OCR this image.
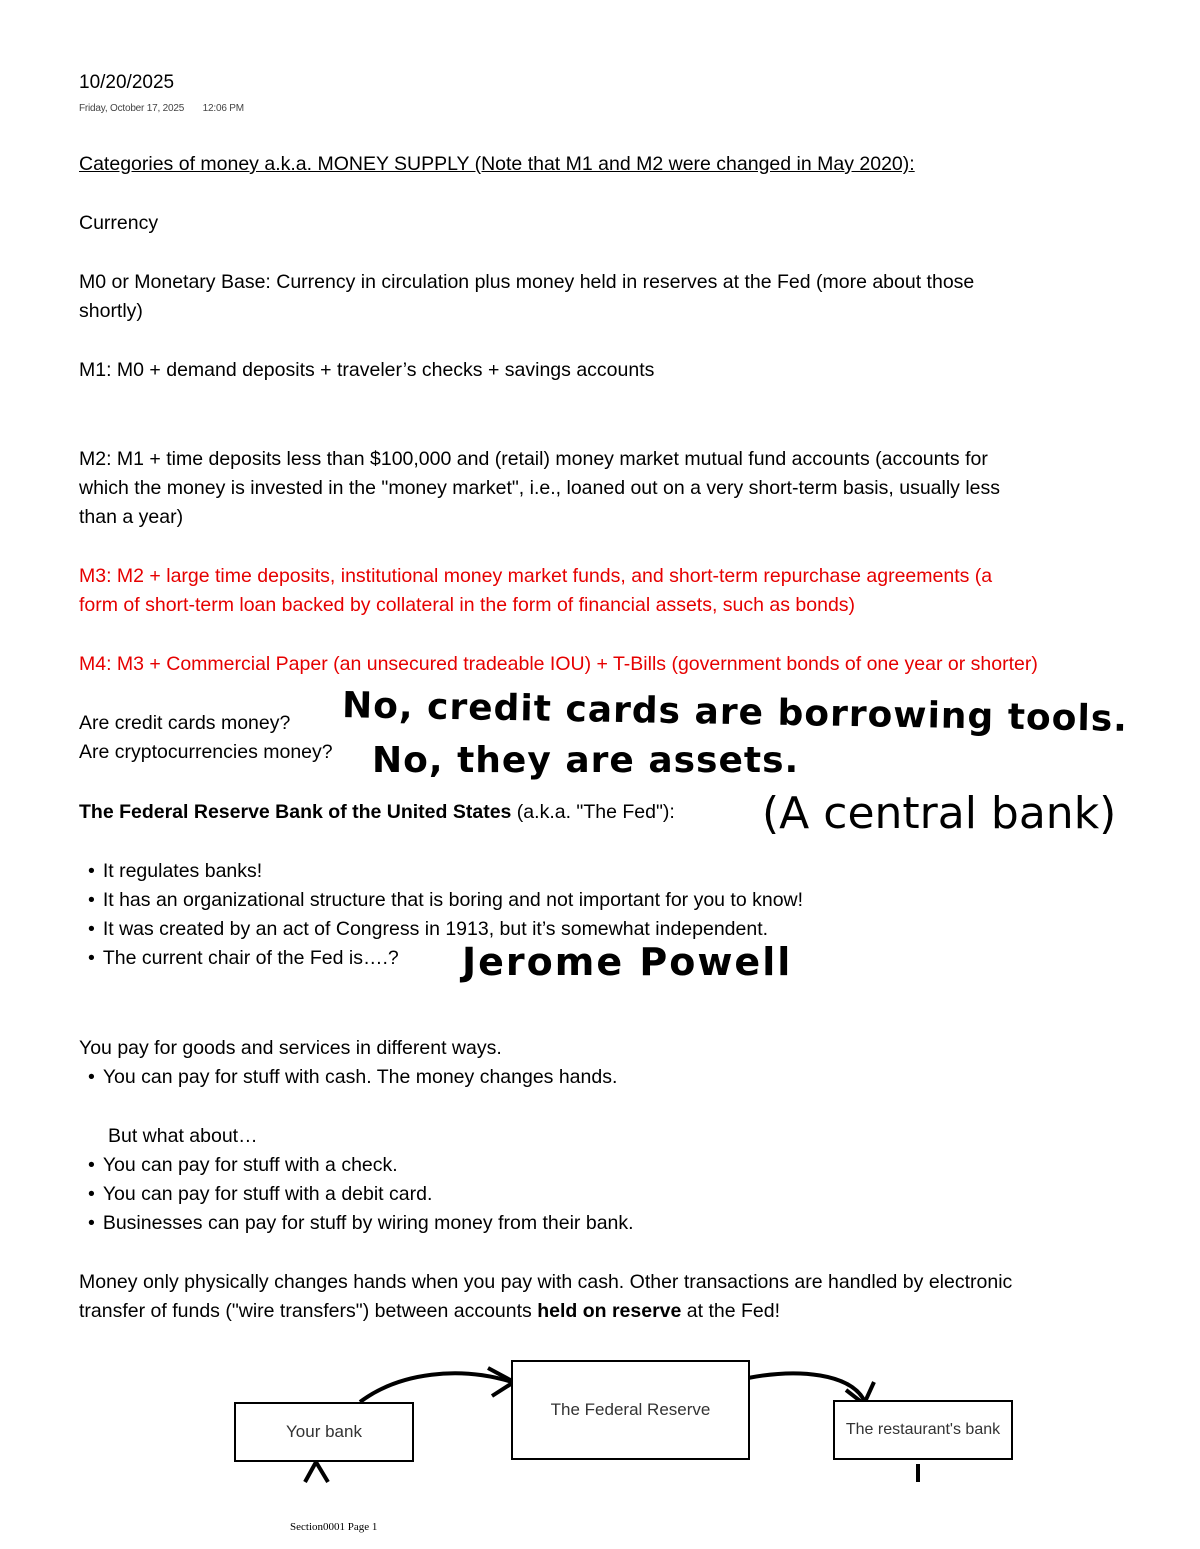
10/20/2025
Friday, October 17, 2025 12:06 PM
Categories of money a.k.a. MONEY SUPPLY (Note that M1 and M2 were changed in May 2020):
Currency
M0 or Monetary Base: Currency in circulation plus money held in reserves at the Fed (more about those
shortly)
M1: M0 + demand deposits + traveler’s checks + savings accounts
M2: M1 + time deposits less than $100,000 and (retail) money market mutual fund accounts (accounts for
which the money is invested in the "money market", i.e., loaned out on a very short-term basis, usually less
than a year)
M3: M2 + large time deposits, institutional money market funds, and short-term repurchase agreements (a
form of short-term loan backed by collateral in the form of financial assets, such as bonds)
M4: M3 + Commercial Paper (an unsecured tradeable IOU) + T-Bills (government bonds of one year or shorter)
Are credit cards money?
Are cryptocurrencies money?
The Federal Reserve Bank of the United States (a.k.a. "The Fed"):
• It regulates banks!
• It has an organizational structure that is boring and not important for you to know!
• It was created by an act of Congress in 1913, but it’s somewhat independent.
• The current chair of the Fed is….?
You pay for goods and services in different ways.
• You can pay for stuff with cash. The money changes hands.
But what about…
• You can pay for stuff with a check.
• You can pay for stuff with a debit card.
• Businesses can pay for stuff by wiring money from their bank.
Money only physically changes hands when you pay with cash. Other transactions are handled by electronic
transfer of funds ("wire transfers") between accounts held on reserve at the Fed!
No, credit cards are borrowing tools.
No, they are assets.
(A central bank)
Jerome Powell
Your bank
The Federal Reserve
The restaurant's bank
Section0001 Page 1
